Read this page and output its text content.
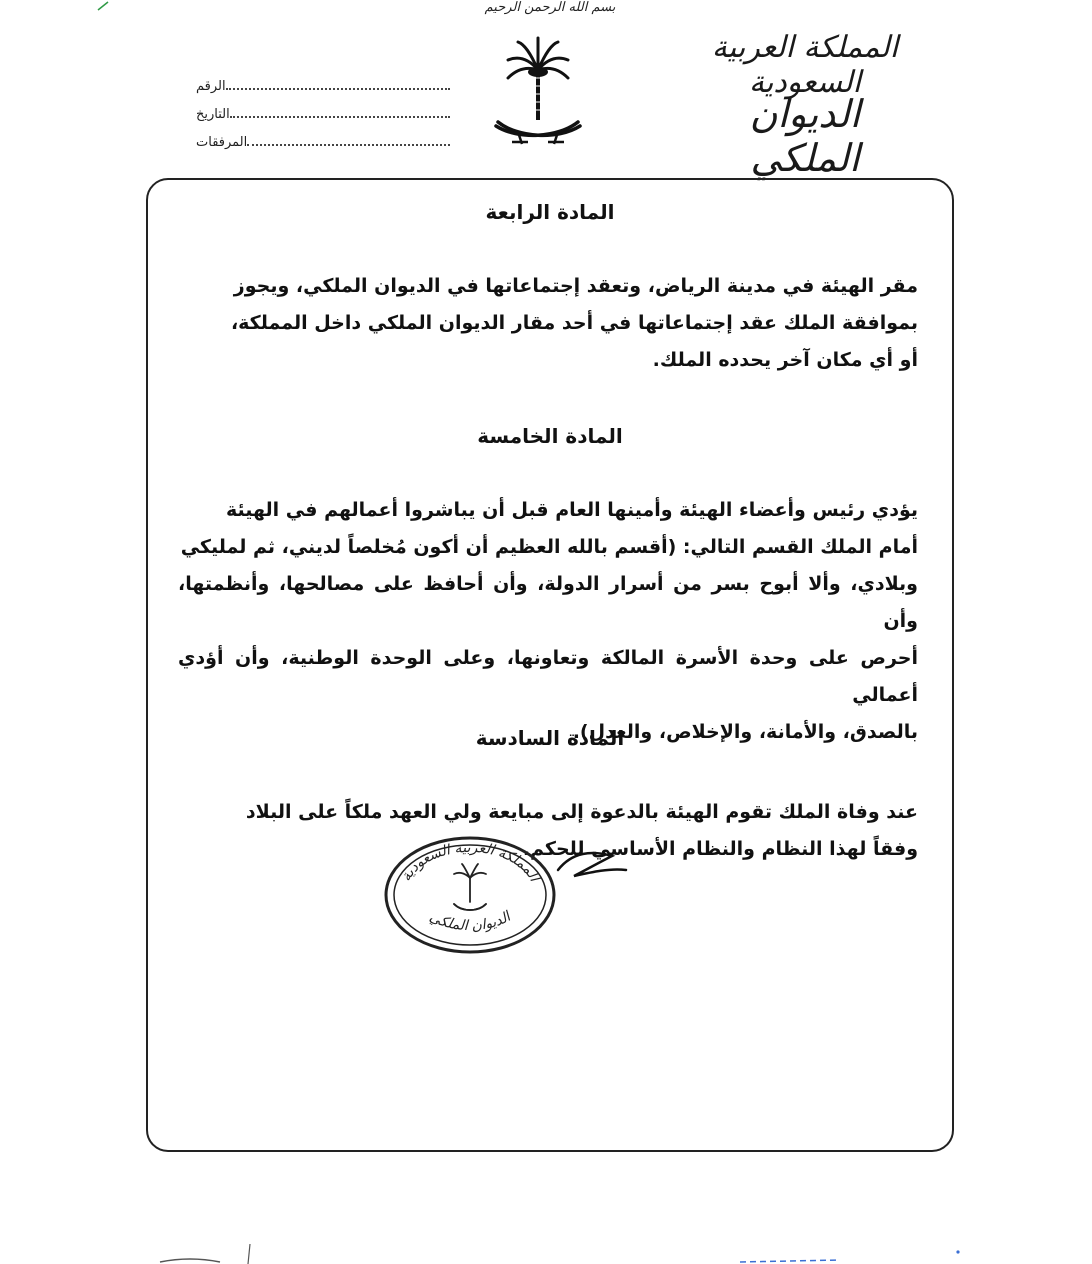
بسم الله الرحمن الرحيم
الرقم
التاريخ
المرفقات
المملكة العربية السعودية
الديوان الملكي
المادة الرابعة

مقر الهيئة في مدينة الرياض، وتعقد إجتماعاتها في الديوان الملكي، ويجوز

بموافقة الملك عقد إجتماعاتها في أحد مقار الديوان الملكي داخل المملكة،

أو أي مكان آخر يحدده الملك.

المادة الخامسة

يؤدي رئيس وأعضاء الهيئة وأمينها العام قبل أن يباشروا أعمالهم في الهيئة

أمام الملك القسم التالي: (أقسم بالله العظيم أن أكون مُخلصاً لديني، ثم لمليكي

وبلادي، وألا أبوح بسر من أسرار الدولة، وأن أحافظ على مصالحها، وأنظمتها، وأن

أحرص على وحدة الأسرة المالكة وتعاونها، وعلى الوحدة الوطنية، وأن أؤدي أعمالي

بالصدق، والأمانة، والإخلاص، والعدل).

المادة السادسة

عند وفاة الملك تقوم الهيئة بالدعوة إلى مبايعة ولي العهد ملكاً على البلاد

وفقاً لهذا النظام والنظام الأساسي للحكم.

المملكة العربية السعودية
الديوان الملكي
